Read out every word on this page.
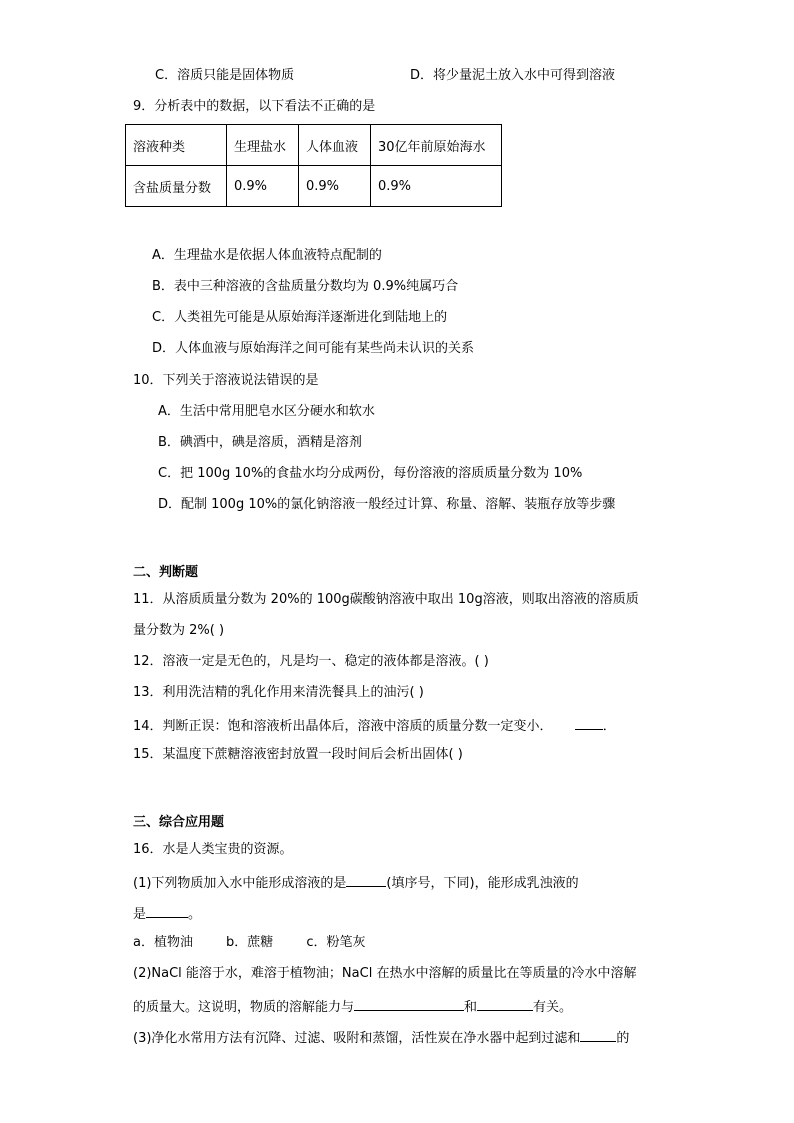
C．溶质只能是固体物质	D．将少量泥土放入水中可得到溶液
9．分析表中的数据，以下看法不正确的是
溶液种类	生理盐水	人体血液	30亿年前原始海水
含盐质量分数	0.9%	0.9%	0.9%
A．生理盐水是依据人体血液特点配制的
B．表中三种溶液的含盐质量分数均为 0.9%纯属巧合
C．人类祖先可能是从原始海洋逐渐进化到陆地上的
D．人体血液与原始海洋之间可能有某些尚未认识的关系
10．下列关于溶液说法错误的是
A．生活中常用肥皂水区分硬水和软水
B．碘酒中，碘是溶质，酒精是溶剂
C．把 100g 10%的食盐水均分成两份，每份溶液的溶质质量分数为 10%
D．配制 100g 10%的氯化钠溶液一般经过计算、称量、溶解、装瓶存放等步骤
二、判断题
11．从溶质质量分数为 20%的 100g碳酸钠溶液中取出 10g溶液，则取出溶液的溶质质
量分数为 2%( )
12．溶液一定是无色的，凡是均一、稳定的液体都是溶液。( )
13．利用洗洁精的乳化作用来清洗餐具上的油污( )
14．判断正误：饱和溶液析出晶体后，溶液中溶质的质量分数一定变小．	．
15．某温度下蔗糖溶液密封放置一段时间后会析出固体( )
三、综合应用题
16．水是人类宝贵的资源。
(1)下列物质加入水中能形成溶液的是	(填序号，下同)，能形成乳浊液的
是	。
a．植物油        b．蔗糖        c．粉笔灰
(2)NaCl 能溶于水，难溶于植物油；NaCl 在热水中溶解的质量比在等质量的冷水中溶解
的质量大。这说明，物质的溶解能力与	和	有关。
(3)净化水常用方法有沉降、过滤、吸附和蒸馏，活性炭在净水器中起到过滤和	的
